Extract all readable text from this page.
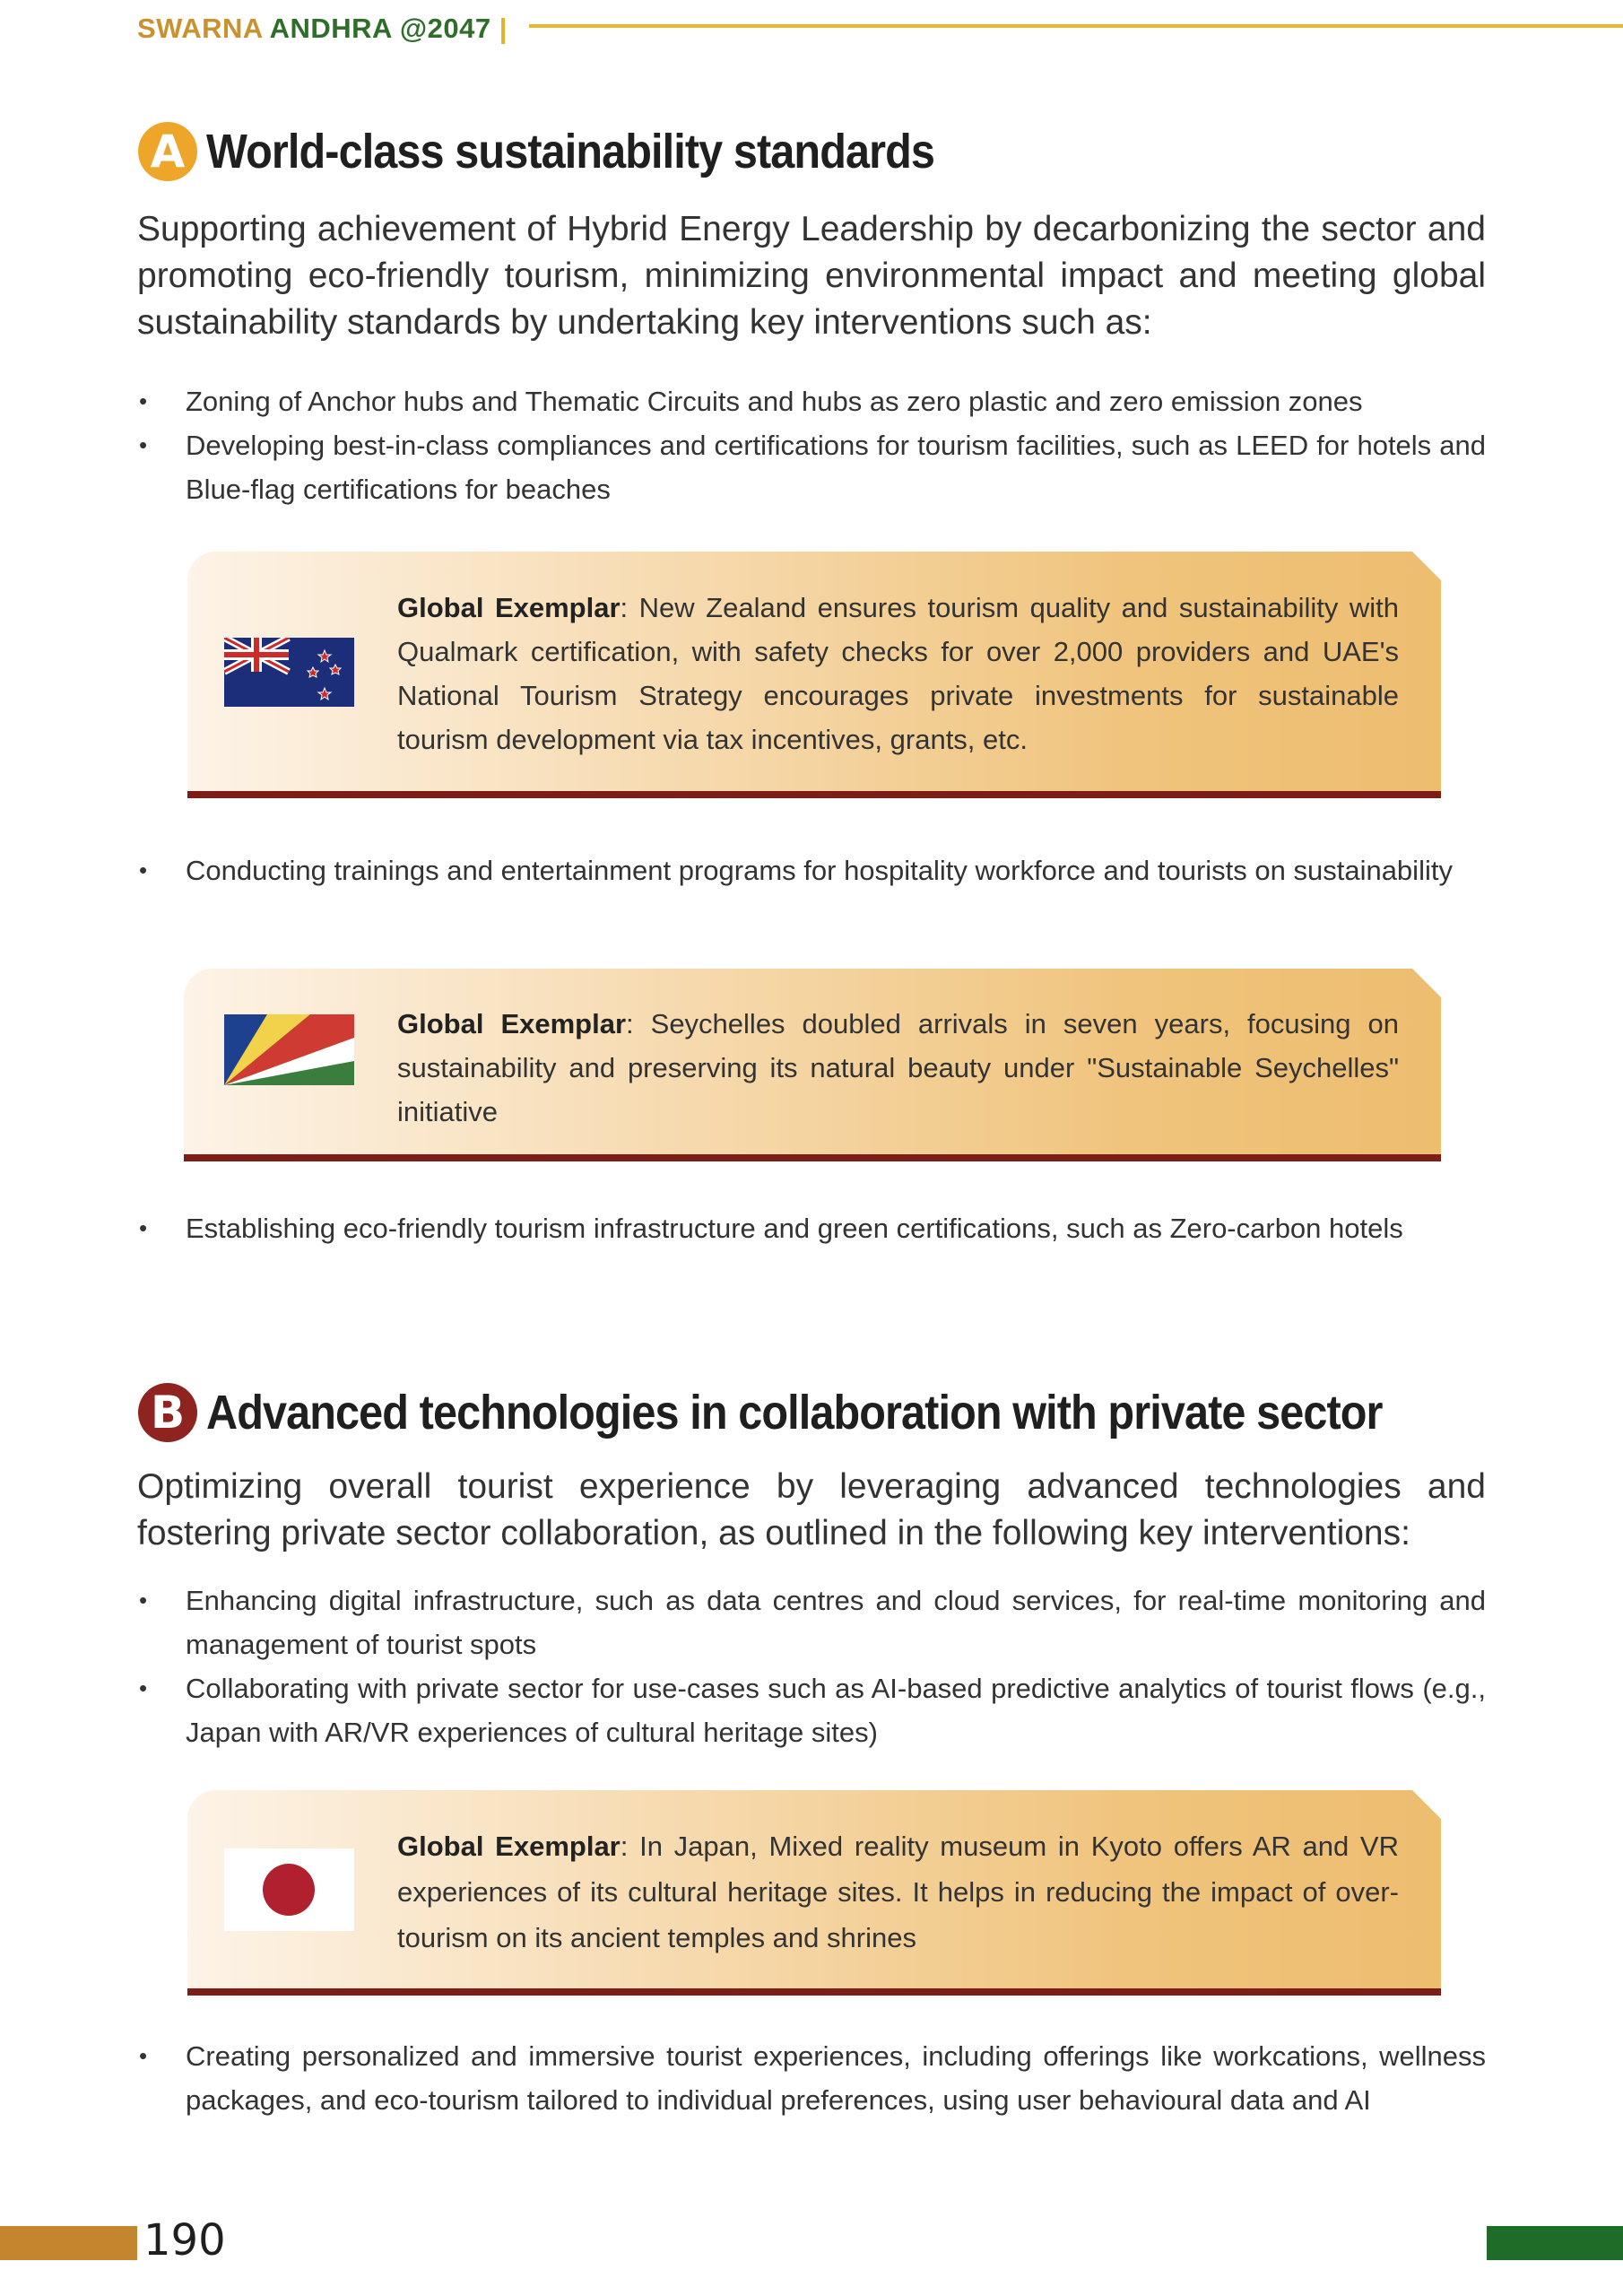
SWARNA ANDHRA @2047 |
A World-class sustainability standards
Supporting achievement of Hybrid Energy Leadership by decarbonizing the sector and promoting eco-friendly tourism, minimizing environmental impact and meeting global sustainability standards by undertaking key interventions such as:
• Zoning of Anchor hubs and Thematic Circuits and hubs as zero plastic and zero emission zones
• Developing best-in-class compliances and certifications for tourism facilities, such as LEED for hotels and Blue-flag certifications for beaches
Global Exemplar: New Zealand ensures tourism quality and sustainability with Qualmark certification, with safety checks for over 2,000 providers and UAE's National Tourism Strategy encourages private investments for sustainable tourism development via tax incentives, grants, etc.
• Conducting trainings and entertainment programs for hospitality workforce and tourists on sustainability
Global Exemplar: Seychelles doubled arrivals in seven years, focusing on sustainability and preserving its natural beauty under "Sustainable Seychelles" initiative
• Establishing eco-friendly tourism infrastructure and green certifications, such as Zero-carbon hotels
B Advanced technologies in collaboration with private sector
Optimizing overall tourist experience by leveraging advanced technologies and fostering private sector collaboration, as outlined in the following key interventions:
• Enhancing digital infrastructure, such as data centres and cloud services, for real-time monitoring and management of tourist spots
• Collaborating with private sector for use-cases such as AI-based predictive analytics of tourist flows (e.g., Japan with AR/VR experiences of cultural heritage sites)
Global Exemplar: In Japan, Mixed reality museum in Kyoto offers AR and VR experiences of its cultural heritage sites. It helps in reducing the impact of over-tourism on its ancient temples and shrines
• Creating personalized and immersive tourist experiences, including offerings like workcations, wellness packages, and eco-tourism tailored to individual preferences, using user behavioural data and AI
190
